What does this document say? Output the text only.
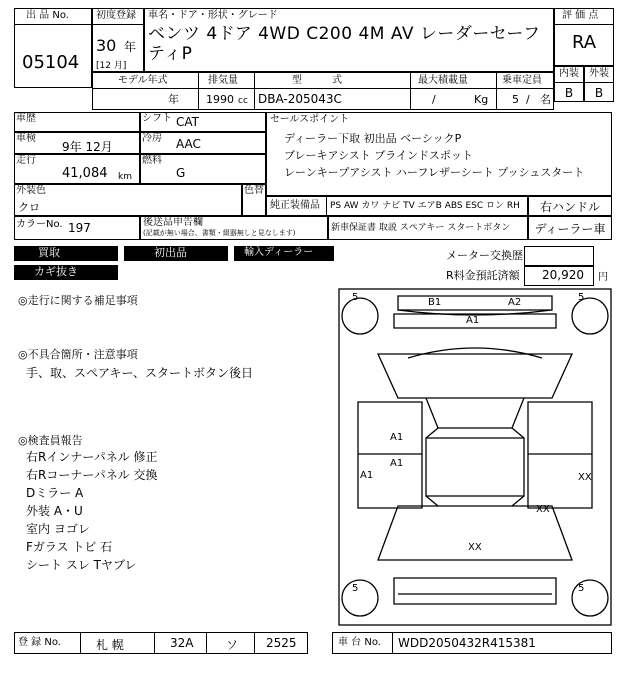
出 品 No.
05104
初度登録
30 年
[12 月]
車名・ドア・形状・グレード
ベンツ 4ドア 4WD C200 4M AV レーダーセーフティP
評 価 点
RA
内装	外装
B	B
モデル年式
年
排気量
1990 cc
型　　　式
DBA-205043C
最大積載量
/	Kg
乗車定員
5 / 名
車歴
車検
9年 12月
走行
41,084 km
シフト CAT
冷房 AAC
燃料
G
セールスポイント
ディーラー下取 初出品 ベーシックP
ブレーキアシスト ブラインドスポット
レーンキープアシスト ハーフレザーシート プッシュスタート
外装色
クロ
色替
純正装備品 PS AW カワ ナビ TV エアB ABS ESC ロン RH	右ハンドル
カラーNo. 197	後送品申告欄
(記載が無い場合、書類・綴器無しと見なします)	新車保証書 取説 スペアキー スタートボタン	ディーラー車
買取	初出品	輸入ディーラー
カギ抜き
メーター交換歴
R料金預託済額 20,920 円
◎走行に関する補足事項
◎不具合箇所・注意事項
手、取、スペアキー、スタートボタン後日
◎検査員報告
右Rインナーパネル 修正
右Rコーナーパネル 交換
Dミラー A
外装 A・U
室内 ヨゴレ
Fガラス トビ 石
シート スレ Tヤブレ
5	5
5	5
B1	A2
A1
A1
A1
A1	XX
XX
XX
登 録 No.	札 幌	32A	ソ 2525	車 台 No. WDD2050432R415381
